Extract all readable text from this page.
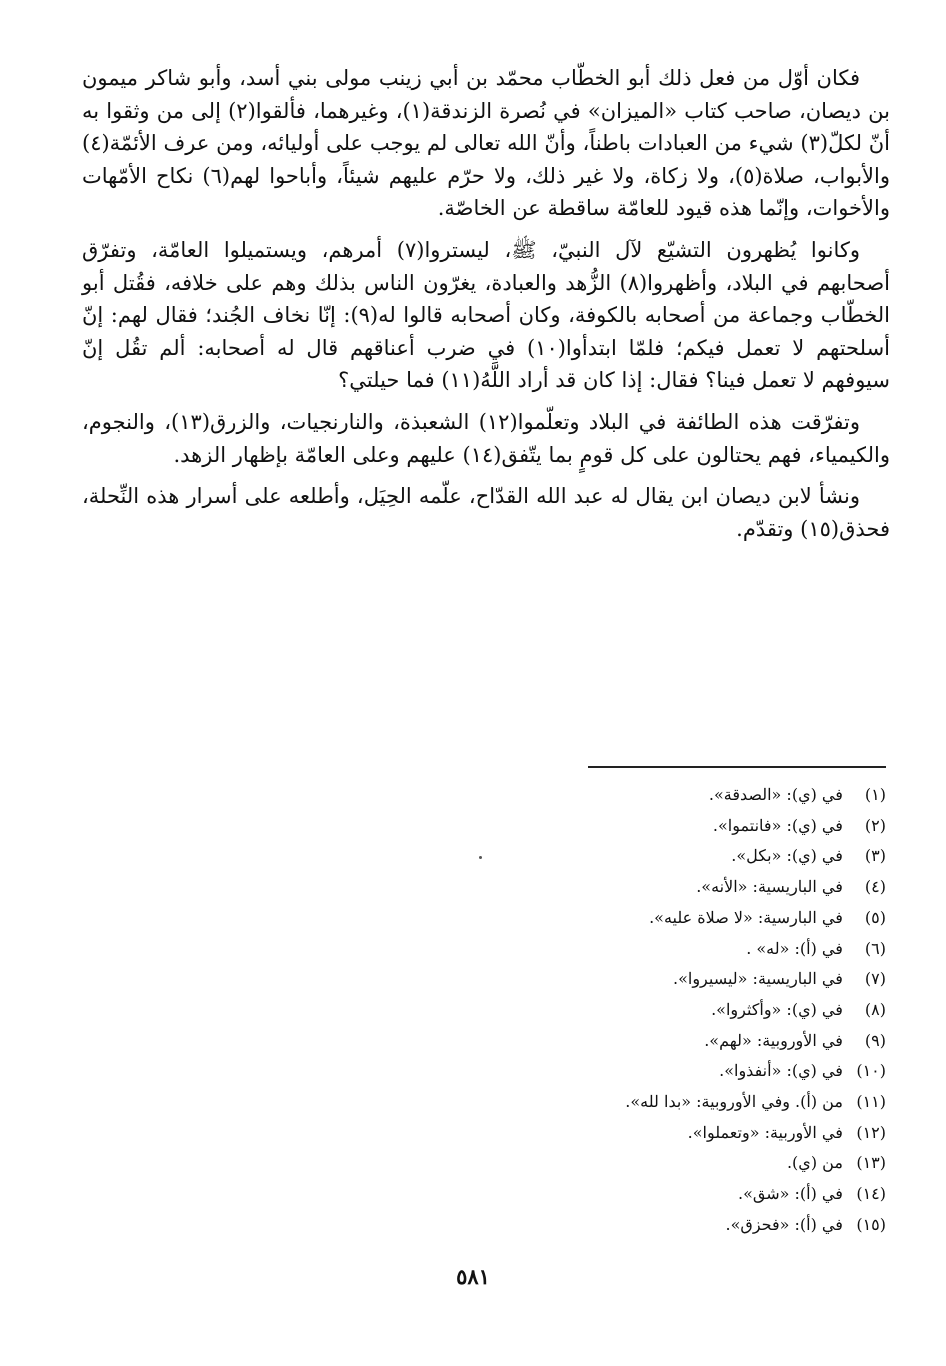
فكان أوّل من فعل ذلك أبو الخطّاب محمّد بن أبي زينب مولى بني أسد، وأبو شاكر ميمون بن ديصان، صاحب كتاب «الميزان» في نُصرة الزندقة(١)، وغيرهما، فألقوا(٢) إلى من وثقوا به أنّ لكلّ(٣) شيء من العبادات باطناً، وأنّ الله تعالى لم يوجب على أوليائه، ومن عرف الأئمّة(٤) والأبواب، صلاة(٥)، ولا زكاة، ولا غير ذلك، ولا حرّم عليهم شيئاً، وأباحوا لهم(٦) نكاح الأمّهات والأخوات، وإنّما هذه قيود للعامّة ساقطة عن الخاصّة.

وكانوا يُظهرون التشيّع لآل النبيّ، ﷺ، ليستروا(٧) أمرهم، ويستميلوا العامّة، وتفرّق أصحابهم في البلاد، وأظهروا(٨) الزُّهد والعبادة، يغرّون الناس بذلك وهم على خلافه، فقُتل أبو الخطّاب وجماعة من أصحابه بالكوفة، وكان أصحابه قالوا له(٩): إنّا نخاف الجُند؛ فقال لهم: إنّ أسلحتهم لا تعمل فيكم؛ فلمّا ابتدأوا(١٠) في ضرب أعناقهم قال له أصحابه: ألم تقُل إنّ سيوفهم لا تعمل فينا؟ فقال: إذا كان قد أراد اللَّهُ(١١) فما حيلتي؟

وتفرّقت هذه الطائفة في البلاد وتعلّموا(١٢) الشعبذة، والنارنجيات، والزرق(١٣)، والنجوم، والكيمياء، فهم يحتالون على كل قومٍ بما يتّفق(١٤) عليهم وعلى العامّة بإظهار الزهد.

ونشأ لابن ديصان ابن يقال له عبد الله القدّاح، علّمه الحِيَل، وأطلعه على أسرار هذه النِّحلة، فحذق(١٥) وتقدّم.

(١) في (ي): «الصدقة».
(٢) في (ي): «فانتموا».
(٣) في (ي): «بكل».
(٤) في الباريسية: «الأنه».
(٥) في البارسية: «لا صلاة عليه».
(٦) في (أ): «له» .
(٧) في الباريسية: «ليسيروا».
(٨) في (ي): «وأكثروا».
(٩) في الأوروبية: «لهم».
(١٠) في (ي): «أنفذوا».
(١١) من (أ). وفي الأوروبية: «بدا لله».
(١٢) في الأوربية: «وتعملوا».
(١٣) من (ي).
(١٤) في (أ): «شق».
(١٥) في (أ): «فحزق».
٥٨١
